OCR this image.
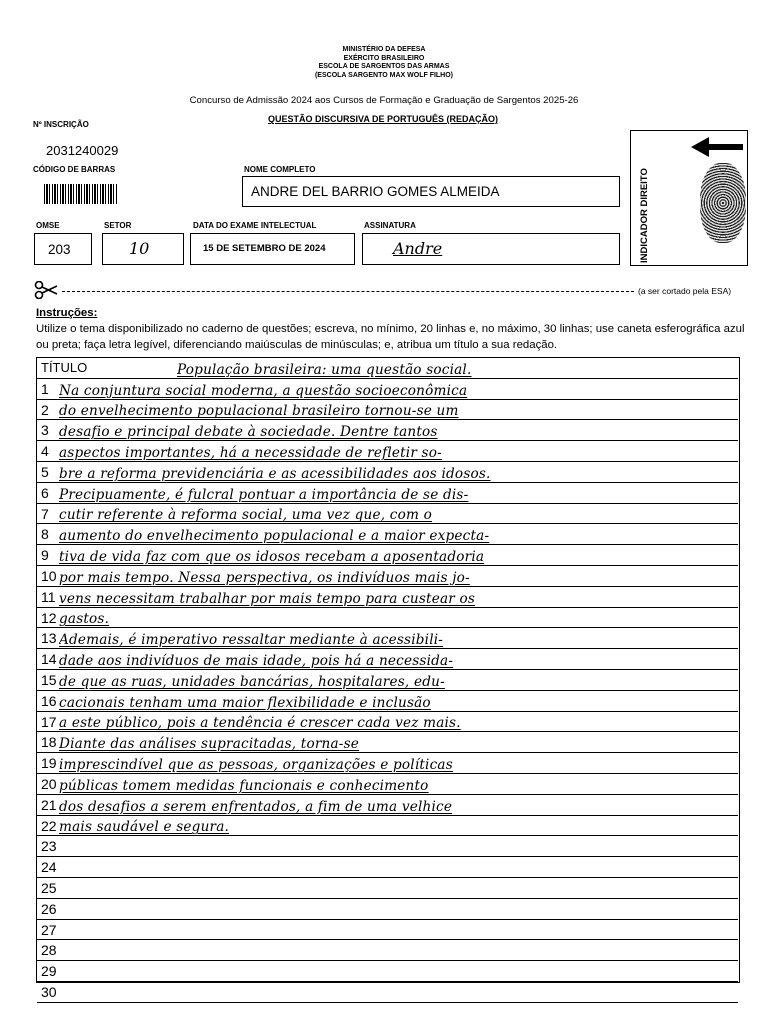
MINISTÉRIO DA DEFESA
EXÉRCITO BRASILEIRO
ESCOLA DE SARGENTOS DAS ARMAS
(ESCOLA SARGENTO MAX WOLF FILHO)
Concurso de Admissão 2024 aos Cursos de Formação e Graduação de Sargentos 2025-26
QUESTÃO DISCURSIVA DE PORTUGUÊS (REDAÇÃO)
Nº INSCRIÇÃO
2031240029
CÓDIGO DE BARRAS	NOME COMPLETO
ANDRE DEL BARRIO GOMES ALMEIDA	INDICADOR DIREITO
OMSE
203
SETOR
10
DATA DO EXAME INTELECTUAL
15 DE SETEMBRO DE 2024
ASSINATURA
Andre
(a ser cortado pela ESA)
Instruções:
Utilize o tema disponibilizado no caderno de questões; escreva, no mínimo, 20 linhas e, no máximo, 30 linhas; use caneta esferográfica azul ou preta; faça letra legível, diferenciando maiúsculas de minúsculas; e, atribua um título a sua redação.
TÍTULO	População brasileira: uma questão social.
1 Na conjuntura social moderna, a questão socioeconômica
2 do envelhecimento populacional brasileiro tornou-se um
3 desafio e principal debate à sociedade. Dentre tantos
4 aspectos importantes, há a necessidade de refletir so-
5 bre a reforma previdenciária e as acessibilidades aos idosos.
6 Precipuamente, é fulcral pontuar a importância de se dis-
7 cutir referente à reforma social, uma vez que, com o
8 aumento do envelhecimento populacional e a maior expecta-
9 tiva de vida faz com que os idosos recebam a aposentadoria
10 por mais tempo. Nessa perspectiva, os indivíduos mais jo-
11 vens necessitam trabalhar por mais tempo para custear os
12 gastos.
13 Ademais, é imperativo ressaltar mediante à acessibili-
14 dade aos indivíduos de mais idade, pois há a necessida-
15 de que as ruas, unidades bancárias, hospitalares, edu-
16 cacionais tenham uma maior flexibilidade e inclusão
17 a este público, pois a tendência é crescer cada vez mais.
18 Diante das análises supracitadas, torna-se
19 imprescindível que as pessoas, organizações e políticas
20 públicas tomem medidas funcionais e conhecimento
21 dos desafios a serem enfrentados, a fim de uma velhice
22 mais saudável e segura.
23
24
25
26
27
28
29
30
